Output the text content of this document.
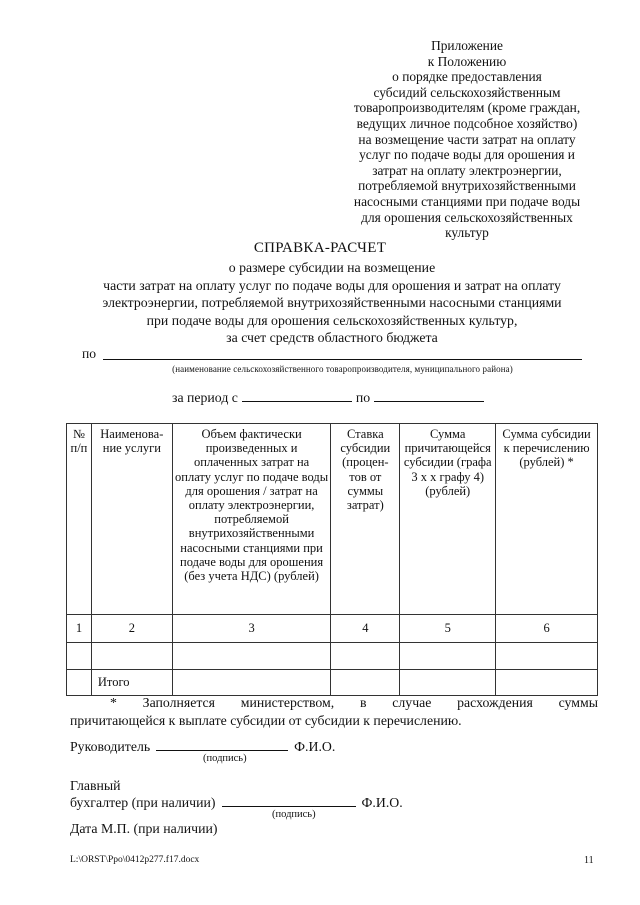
Приложение
к Положению
о порядке предоставления
субсидий сельскохозяйственным
товаропроизводителям (кроме граждан,
ведущих личное подсобное хозяйство)
на возмещение части затрат на оплату
услуг по подаче воды для орошения и
затрат на оплату электроэнергии,
потребляемой внутрихозяйственными
насосными станциями при подаче воды
для орошения сельскохозяйственных
культур
СПРАВКА-РАСЧЕТ
о размере субсидии на возмещение
части затрат на оплату услуг по подаче воды для орошения и затрат на оплату
электроэнергии, потребляемой внутрихозяйственными насосными станциями
при подаче воды для орошения сельскохозяйственных культур,
за счет средств областного бюджета
по
(наименование сельскохозяйственного товаропроизводителя, муниципального района)
за период с	по
№ п/п	Наименова-ние услуги	Объем фактически произведенных и оплаченных затрат на оплату услуг по подаче воды для орошения / затрат на оплату электроэнергии, потребляемой внутрихозяйственными насосными станциями при подаче воды для орошения (без учета НДС) (рублей)	Ставка субсидии (процен-тов от суммы затрат)	Сумма причитающейся субсидии (графа 3 х х графу 4) (рублей)	Сумма субсидии к перечислению (рублей) *
1	2	3	4	5	6

	Итого				
* Заполняется министерством, в случае расхождения суммы
причитающейся к выплате субсидии от субсидии к перечислению.
Руководитель	Ф.И.О.
(подпись)
Главный
бухгалтер (при наличии)	Ф.И.О.
(подпись)
Дата М.П. (при наличии)
L:\ORST\Ppo\0412p277.f17.docx	11
